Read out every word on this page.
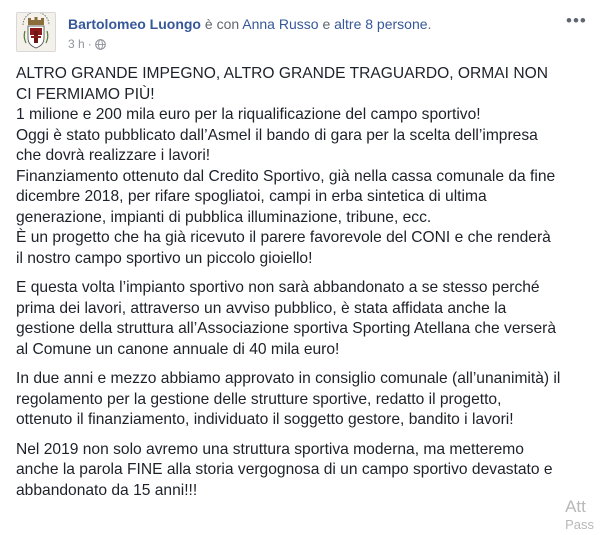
Bartolomeo Luongo è con Anna Russo e altre 8 persone.
3 h ·
•••

ALTRO GRANDE IMPEGNO, ALTRO GRANDE TRAGUARDO, ORMAI NON
CI FERMIAMO PIÙ!
1 milione e 200 mila euro per la riqualificazione del campo sportivo!
Oggi è stato pubblicato dall’Asmel il bando di gara per la scelta dell’impresa
che dovrà realizzare i lavori!
Finanziamento ottenuto dal Credito Sportivo, già nella cassa comunale da fine
dicembre 2018, per rifare spogliatoi, campi in erba sintetica di ultima
generazione, impianti di pubblica illuminazione, tribune, ecc.
È un progetto che ha già ricevuto il parere favorevole del CONI e che renderà
il nostro campo sportivo un piccolo gioiello!

E questa volta l’impianto sportivo non sarà abbandonato a se stesso perché
prima dei lavori, attraverso un avviso pubblico, è stata affidata anche la
gestione della struttura all’Associazione sportiva Sporting Atellana che verserà
al Comune un canone annuale di 40 mila euro!

In due anni e mezzo abbiamo approvato in consiglio comunale (all’unanimità) il
regolamento per la gestione delle strutture sportive, redatto il progetto,
ottenuto il finanziamento, individuato il soggetto gestore, bandito i lavori!

Nel 2019 non solo avremo una struttura sportiva moderna, ma metteremo
anche la parola FINE alla storia vergognosa di un campo sportivo devastato e
abbandonato da 15 anni!!!

Att
Pass
